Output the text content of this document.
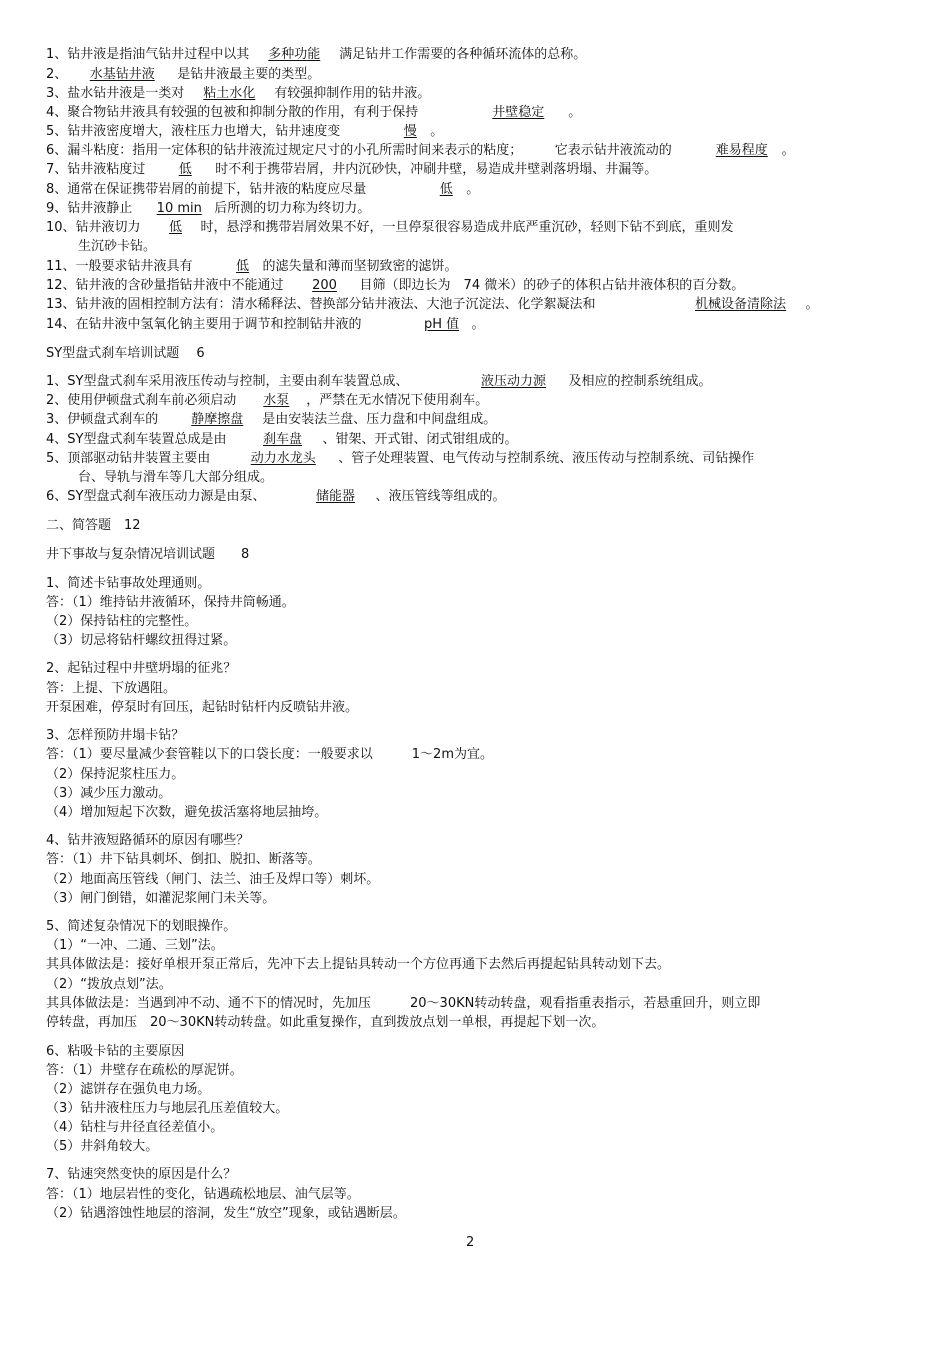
1、钻井液是指油气钻井过程中以其 多种功能 满足钻井工作需要的各种循环流体的总称。
2、 水基钻井液 是钻井液最主要的类型。
3、盐水钻井液是一类对 粘土水化 有较强抑制作用的钻井液。
4、聚合物钻井液具有较强的包被和抑制分散的作用，有利于保持	井壁稳定 。
5、钻井液密度增大，液柱压力也增大，钻井速度变	慢 。
6、漏斗粘度：指用一定体积的钻井液流过规定尺寸的小孔所需时间来表示的粘度；　　　它表示钻井液流动的	难易程度 。
7、钻井液粘度过	低 时不利于携带岩屑，井内沉砂快，冲刷井壁，易造成井壁剥落坍塌、井漏等。
8、通常在保证携带岩屑的前提下，钻井液的粘度应尽量	低 。
9、钻井液静止 10 min 后所测的切力称为终切力。
10、钻井液切力 低 时，悬浮和携带岩屑效果不好，一旦停泵很容易造成井底严重沉砂，轻则下钻不到底，重则发
生沉砂卡钻。
11、一般要求钻井液具有	低 的滤失量和薄而坚韧致密的滤饼。
12、钻井液的含砂量指钻井液中不能通过 200 目筛（即边长为　74 微米）的砂子的体积占钻井液体积的百分数。
13、钻井液的固相控制方法有：清水稀释法、替换部分钻井液法、大池子沉淀法、化学絮凝法和	机械设备清除法 。
14、在钻井液中氢氧化钠主要用于调节和控制钻井液的	pH 值 。
SY型盘式刹车培训试题　 6
1、SY型盘式刹车采用液压传动与控制，主要由刹车装置总成、	液压动力源 及相应的控制系统组成。
2、使用伊顿盘式刹车前必须启动 水泵 ，严禁在无水情况下使用刹车。
3、伊顿盘式刹车的	静摩擦盘 是由安装法兰盘、压力盘和中间盘组成。
4、SY型盘式刹车装置总成是由	刹车盘 、钳架、开式钳、闭式钳组成的。
5、顶部驱动钻井装置主要由	动力水龙头 、管子处理装置、电气传动与控制系统、液压传动与控制系统、司钻操作
台、导轨与滑车等几大部分组成。
6、SY型盘式刹车液压动力源是由泵、	储能器 、液压管线等组成的。
二、简答题　12
井下事故与复杂情况培训试题　　8
1、简述卡钻事故处理通则。
答：（1）维持钻井液循环，保持井筒畅通。
（2）保持钻柱的完整性。
（3）切忌将钻杆螺纹扭得过紧。
2、起钻过程中井壁坍塌的征兆？
答：上提、下放遇阻。
开泵困难，停泵时有回压，起钻时钻杆内反喷钻井液。
3、怎样预防井塌卡钻？
答：（1）要尽量减少套管鞋以下的口袋长度：一般要求以　　　1～2m为宜。
（2）保持泥浆柱压力。
（3）减少压力激动。
（4）增加短起下次数，避免拔活塞将地层抽垮。
4、钻井液短路循环的原因有哪些？
答：（1）井下钻具刺坏、倒扣、脱扣、断落等。
（2）地面高压管线（闸门、法兰、油壬及焊口等）刺坏。
（3）闸门倒错，如灌泥浆闸门未关等。
5、简述复杂情况下的划眼操作。
（1）“一冲、二通、三划”法。
其具体做法是：接好单根开泵正常后，先冲下去上提钻具转动一个方位再通下去然后再提起钻具转动划下去。
（2）“拨放点划”法。
其具体做法是：当遇到冲不动、通不下的情况时，先加压　　　20～30KN转动转盘，观看指重表指示，若悬重回升，则立即
停转盘，再加压　20～30KN转动转盘。如此重复操作，直到拨放点划一单根，再提起下划一次。
6、粘吸卡钻的主要原因
答：（1）井壁存在疏松的厚泥饼。
（2）滤饼存在强负电力场。
（3）钻井液柱压力与地层孔压差值较大。
（4）钻柱与井径直径差值小。
（5）井斜角较大。
7、钻速突然变快的原因是什么？
答：（1）地层岩性的变化，钻遇疏松地层、油气层等。
（2）钻遇溶蚀性地层的溶洞，发生“放空”现象，或钻遇断层。
2
